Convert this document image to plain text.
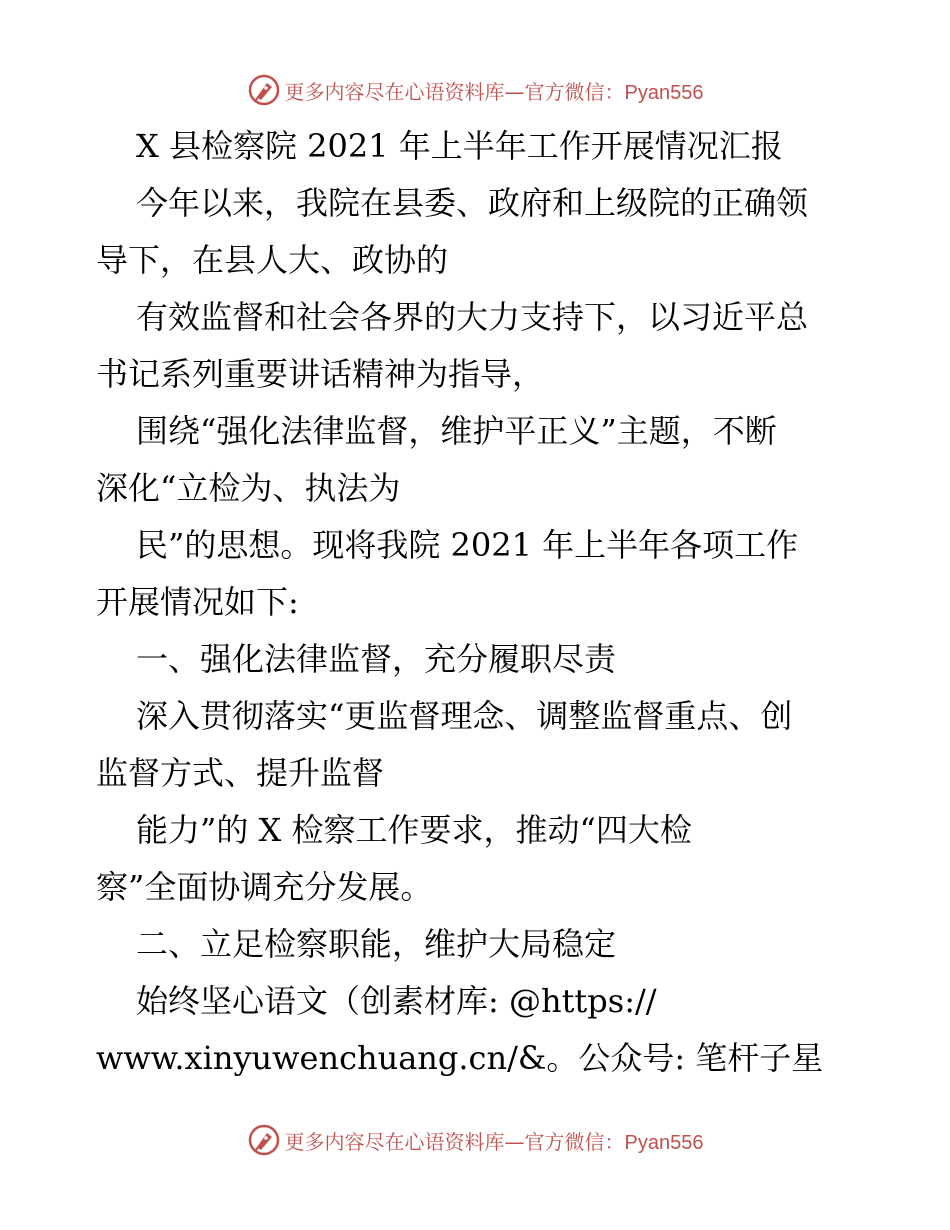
更多内容尽在心语资料库—官方微信：Pyan556
X 县检察院 2021 年上半年工作开展情况汇报
今年以来，我院在县委、政府和上级院的正确领
导下，在县人大、政协的
有效监督和社会各界的大力支持下，以习近平总
书记系列重要讲话精神为指导，
围绕“强化法律监督，维护平正义”主题，不断
深化“立检为、执法为
民”的思想。现将我院 2021 年上半年各项工作
开展情况如下:
一、强化法律监督，充分履职尽责
深入贯彻落实“更监督理念、调整监督重点、创
监督方式、提升监督
能力”的 X 检察工作要求，推动“四大检
察”全面协调充分发展。
二、立足检察职能，维护大局稳定
始终坚心语文（创素材库: @https://
www.xinyuwenchuang.cn/&。公众号: 笔杆子星
更多内容尽在心语资料库—官方微信：Pyan556
